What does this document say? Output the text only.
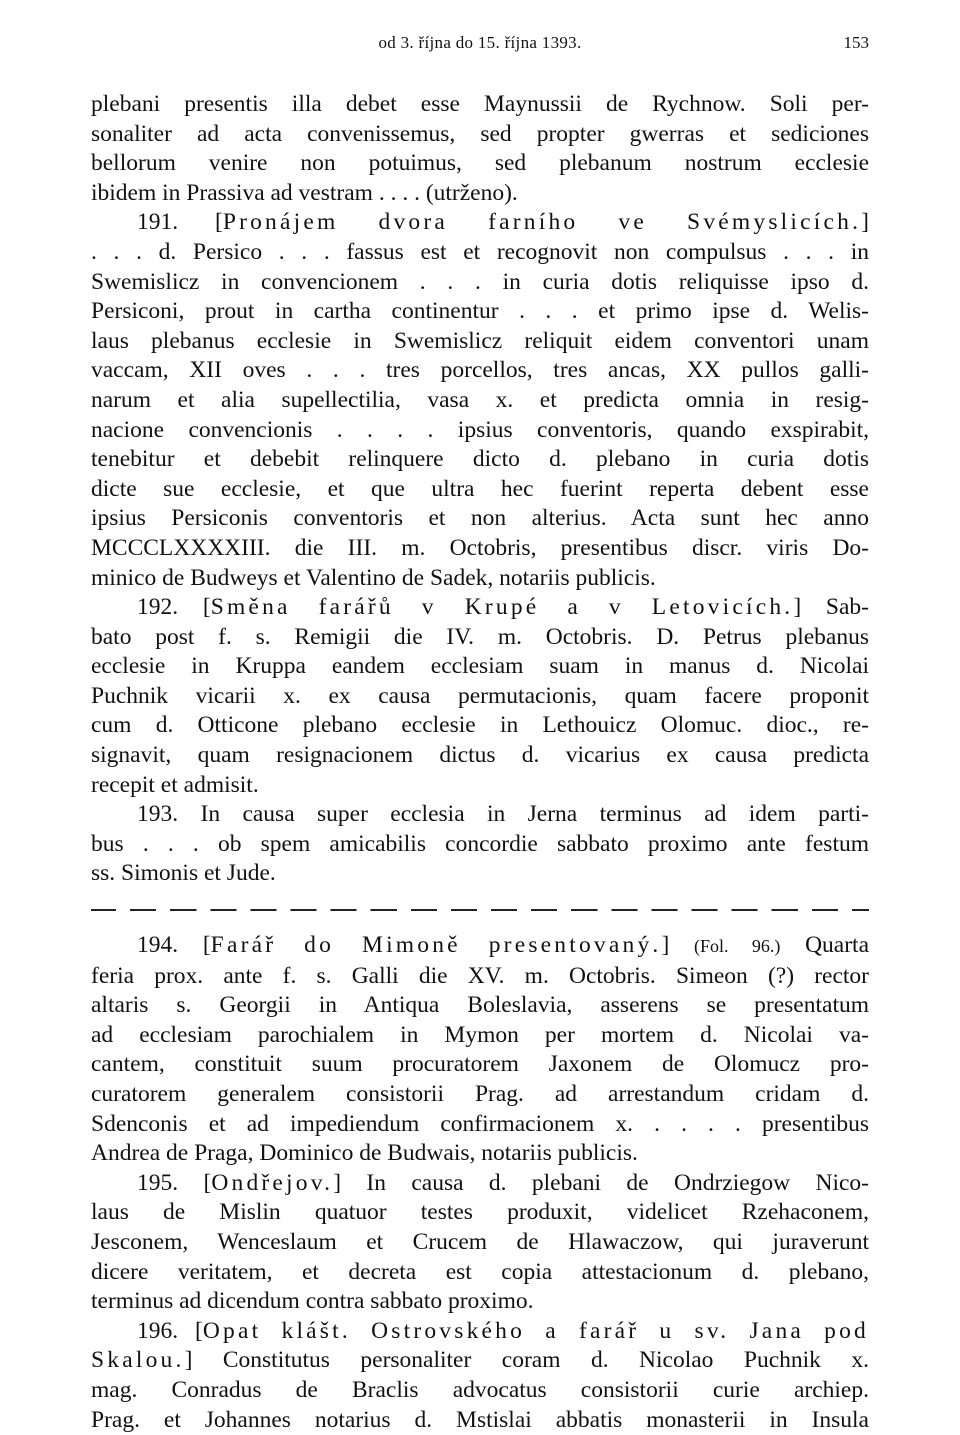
od 3. října do 15. října 1393.	153
plebani presentis illa debet esse Maynussii de Rychnow. Soli per-
sonaliter ad acta convenissemus, sed propter gwerras et sediciones
bellorum venire non potuimus, sed plebanum nostrum ecclesie
ibidem in Prassiva ad vestram . . . . (utrženo).
191. [Pronájem dvora farního ve Svémyslicích.]
. . . d. Persico . . . fassus est et recognovit non compulsus . . . in
Swemislicz in convencionem . . . in curia dotis reliquisse ipso d.
Persiconi, prout in cartha continentur . . . et primo ipse d. Welis-
laus plebanus ecclesie in Swemislicz reliquit eidem conventori unam
vaccam, XII oves . . . tres porcellos, tres ancas, XX pullos galli-
narum et alia supellectilia, vasa x. et predicta omnia in resig-
nacione convencionis . . . . ipsius conventoris, quando exspirabit,
tenebitur et debebit relinquere dicto d. plebano in curia dotis
dicte sue ecclesie, et que ultra hec fuerint reperta debent esse
ipsius Persiconis conventoris et non alterius. Acta sunt hec anno
MCCCLXXXXIII. die III. m. Octobris, presentibus discr. viris Do-
minico de Budweys et Valentino de Sadek, notariis publicis.
192. [Směna farářů v Krupé a v Letovicích.] Sab-
bato post f. s. Remigii die IV. m. Octobris. D. Petrus plebanus
ecclesie in Kruppa eandem ecclesiam suam in manus d. Nicolai
Puchnik vicarii x. ex causa permutacionis, quam facere proponit
cum d. Otticone plebano ecclesie in Lethouicz Olomuc. dioc., re-
signavit, quam resignacionem dictus d. vicarius ex causa predicta
recepit et admisit.
193. In causa super ecclesia in Jerna terminus ad idem parti-
bus . . . ob spem amicabilis concordie sabbato proximo ante festum
ss. Simonis et Jude.
194. [Farář do Mimoně presentovaný.] (Fol. 96.) Quarta
feria prox. ante f. s. Galli die XV. m. Octobris. Simeon (?) rector
altaris s. Georgii in Antiqua Boleslavia, asserens se presentatum
ad ecclesiam parochialem in Mymon per mortem d. Nicolai va-
cantem, constituit suum procuratorem Jaxonem de Olomucz pro-
curatorem generalem consistorii Prag. ad arrestandum cridam d.
Sdenconis et ad impediendum confirmacionem x. . . . . presentibus
Andrea de Praga, Dominico de Budwais, notariis publicis.
195. [Ondřejov.] In causa d. plebani de Ondrziegow Nico-
laus de Mislin quatuor testes produxit, videlicet Rzehaconem,
Jesconem, Wenceslaum et Crucem de Hlawaczow, qui juraverunt
dicere veritatem, et decreta est copia attestacionum d. plebano,
terminus ad dicendum contra sabbato proximo.
196. [Opat klášt. Ostrovského a farář u sv. Jana pod
Skalou.] Constitutus personaliter coram d. Nicolao Puchnik x.
mag. Conradus de Braclis advocatus consistorii curie archiep.
Prag. et Johannes notarius d. Mstislai abbatis monasterii in Insula
